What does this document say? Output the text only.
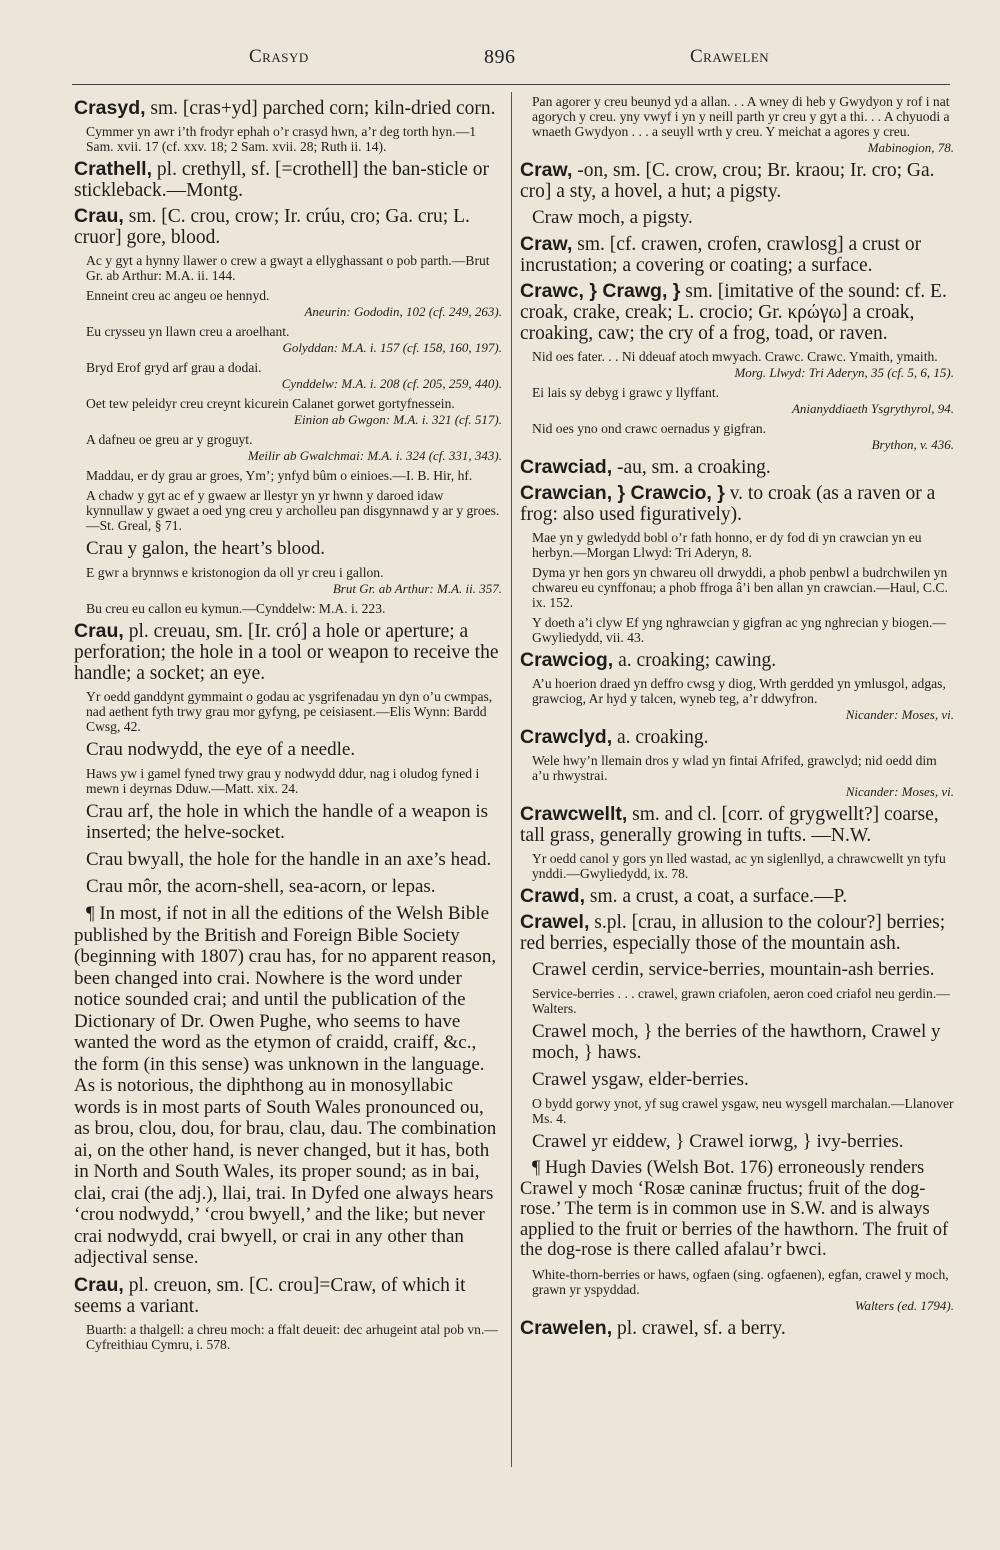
Crasyd	896	Crawelen

Crasyd, sm. [cras+yd] parched corn; kiln-dried corn.

Cymmer yn awr i’th frodyr ephah o’r crasyd hwn, a’r deg torth hyn.—1 Sam. xvii. 17 (cf. xxv. 18; 2 Sam. xvii. 28; Ruth ii. 14).

Crathell, pl. crethyll, sf. [=crothell] the ban-sticle or stickleback.—Montg.

Crau, sm. [C. crou, crow; Ir. crúu, cro; Ga. cru; L. cruor] gore, blood.

Ac y gyt a hynny llawer o crew a gwayt a ellyghassant o pob parth.—Brut Gr. ab Arthur: M.A. ii. 144.

Enneint creu ac angeu oe hennyd.

Aneurin: Gododin, 102 (cf. 249, 263).

Eu crysseu yn llawn creu a aroelhant.

Golyddan: M.A. i. 157 (cf. 158, 160, 197).

Bryd Erof gryd arf grau a dodai.

Cynddelw: M.A. i. 208 (cf. 205, 259, 440).

Oet tew peleidyr creu creynt kicurein Calanet gorwet gortyfnessein.

Einion ab Gwgon: M.A. i. 321 (cf. 517).

A dafneu oe greu ar y groguyt.

Meilir ab Gwalchmai: M.A. i. 324 (cf. 331, 343).

Maddau, er dy grau ar groes, Ym’; ynfyd bûm o einioes.—I. B. Hir, hf.

A chadw y gyt ac ef y gwaew ar llestyr yn yr hwnn y daroed idaw kynnullaw y gwaet a oed yng creu y archolleu pan disgynnawd y ar y groes.—St. Greal, § 71.

Crau y galon, the heart’s blood.

E gwr a brynnws e kristonogion da oll yr creu i gallon.

Brut Gr. ab Arthur: M.A. ii. 357.

Bu creu eu callon eu kymun.—Cynddelw: M.A. i. 223.

Crau, pl. creuau, sm. [Ir. cró] a hole or aperture; a perforation; the hole in a tool or weapon to receive the handle; a socket; an eye.

Yr oedd ganddynt gymmaint o godau ac ysgrifenadau yn dyn o’u cwmpas, nad aethent fyth trwy grau mor gyfyng, pe ceisiasent.—Elis Wynn: Bardd Cwsg, 42.

Crau nodwydd, the eye of a needle.

Haws yw i gamel fyned trwy grau y nodwydd ddur, nag i oludog fyned i mewn i deyrnas Dduw.—Matt. xix. 24.

Crau arf, the hole in which the handle of a weapon is inserted; the helve-socket.

Crau bwyall, the hole for the handle in an axe’s head.

Crau môr, the acorn-shell, sea-acorn, or lepas.

¶ In most, if not in all the editions of the Welsh Bible published by the British and Foreign Bible Society (beginning with 1807) crau has, for no apparent reason, been changed into crai. Nowhere is the word under notice sounded crai; and until the publication of the Dictionary of Dr. Owen Pughe, who seems to have wanted the word as the etymon of craidd, craiff, &c., the form (in this sense) was unknown in the language. As is notorious, the diphthong au in monosyllabic words is in most parts of South Wales pronounced ou, as brou, clou, dou, for brau, clau, dau. The combination ai, on the other hand, is never changed, but it has, both in North and South Wales, its proper sound; as in bai, clai, crai (the adj.), llai, trai. In Dyfed one always hears ‘crou nodwydd,’ ‘crou bwyell,’ and the like; but never crai nodwydd, crai bwyell, or crai in any other than adjectival sense.

Crau, pl. creuon, sm. [C. crou]=Craw, of which it seems a variant.

Buarth: a thalgell: a chreu moch: a ffalt deueit: dec arhugeint atal pob vn.—Cyfreithiau Cymru, i. 578.

Pan agorer y creu beunyd yd a allan. . . A wney di heb y Gwydyon y rof i nat agorych y creu. yny vwyf i yn y neill parth yr creu y gyt a thi. . . A chyuodi a wnaeth Gwydyon . . . a seuyll wrth y creu. Y meichat a agores y creu.

Mabinogion, 78.

Craw, -on, sm. [C. crow, crou; Br. kraou; Ir. cro; Ga. cro] a sty, a hovel, a hut; a pigsty.

Craw moch, a pigsty.

Craw, sm. [cf. crawen, crofen, crawlosg] a crust or incrustation; a covering or coating; a surface.

Crawc, } Crawg, } sm. [imitative of the sound: cf. E. croak, crake, creak; L. crocio; Gr. κρώγω] a croak, croaking, caw; the cry of a frog, toad, or raven.

Nid oes fater. . . Ni ddeuaf atoch mwyach. Crawc. Crawc. Ymaith, ymaith.

Morg. Llwyd: Tri Aderyn, 35 (cf. 5, 6, 15).

Ei lais sy debyg i grawc y llyffant.

Anianyddiaeth Ysgrythyrol, 94.

Nid oes yno ond crawc oernadus y gigfran.

Brython, v. 436.

Crawciad, -au, sm. a croaking.

Crawcian, } Crawcio, } v. to croak (as a raven or a frog: also used figuratively).

Mae yn y gwledydd bobl o’r fath honno, er dy fod di yn crawcian yn eu herbyn.—Morgan Llwyd: Tri Aderyn, 8.

Dyma yr hen gors yn chwareu oll drwyddi, a phob penbwl a budrchwilen yn chwareu eu cynffonau; a phob ffroga â’i ben allan yn crawcian.—Haul, C.C. ix. 152.

Y doeth a’i clyw Ef yng nghrawcian y gigfran ac yng nghrecian y biogen.—Gwyliedydd, vii. 43.

Crawciog, a. croaking; cawing.

A’u hoerion draed yn deffro cwsg y diog, Wrth gerdded yn ymlusgol, adgas, grawciog, Ar hyd y talcen, wyneb teg, a’r ddwyfron.

Nicander: Moses, vi.

Crawclyd, a. croaking.

Wele hwy’n llemain dros y wlad yn fintai Afrifed, grawclyd; nid oedd dim a’u rhwystrai.

Nicander: Moses, vi.

Crawcwellt, sm. and cl. [corr. of grygwellt?] coarse, tall grass, generally growing in tufts. —N.W.

Yr oedd canol y gors yn lled wastad, ac yn siglenllyd, a chrawcwellt yn tyfu ynddi.—Gwyliedydd, ix. 78.

Crawd, sm. a crust, a coat, a surface.—P.

Crawel, s.pl. [crau, in allusion to the colour?] berries; red berries, especially those of the mountain ash.

Crawel cerdin, service-berries, mountain-ash berries.

Service-berries . . . crawel, grawn criafolen, aeron coed criafol neu gerdin.—Walters.

Crawel moch, } the berries of the hawthorn, Crawel y moch, } haws.

Crawel ysgaw, elder-berries.

O bydd gorwy ynot, yf sug crawel ysgaw, neu wysgell marchalan.—Llanover Ms. 4.

Crawel yr eiddew, } Crawel iorwg, } ivy-berries.

¶ Hugh Davies (Welsh Bot. 176) erroneously renders Crawel y moch ‘Rosæ caninæ fructus; fruit of the dog-rose.’ The term is in common use in S.W. and is always applied to the fruit or berries of the hawthorn. The fruit of the dog-rose is there called afalau’r bwci.

White-thorn-berries or haws, ogfaen (sing. ogfaenen), egfan, crawel y moch, grawn yr yspyddad.

Walters (ed. 1794).

Crawelen, pl. crawel, sf. a berry.
